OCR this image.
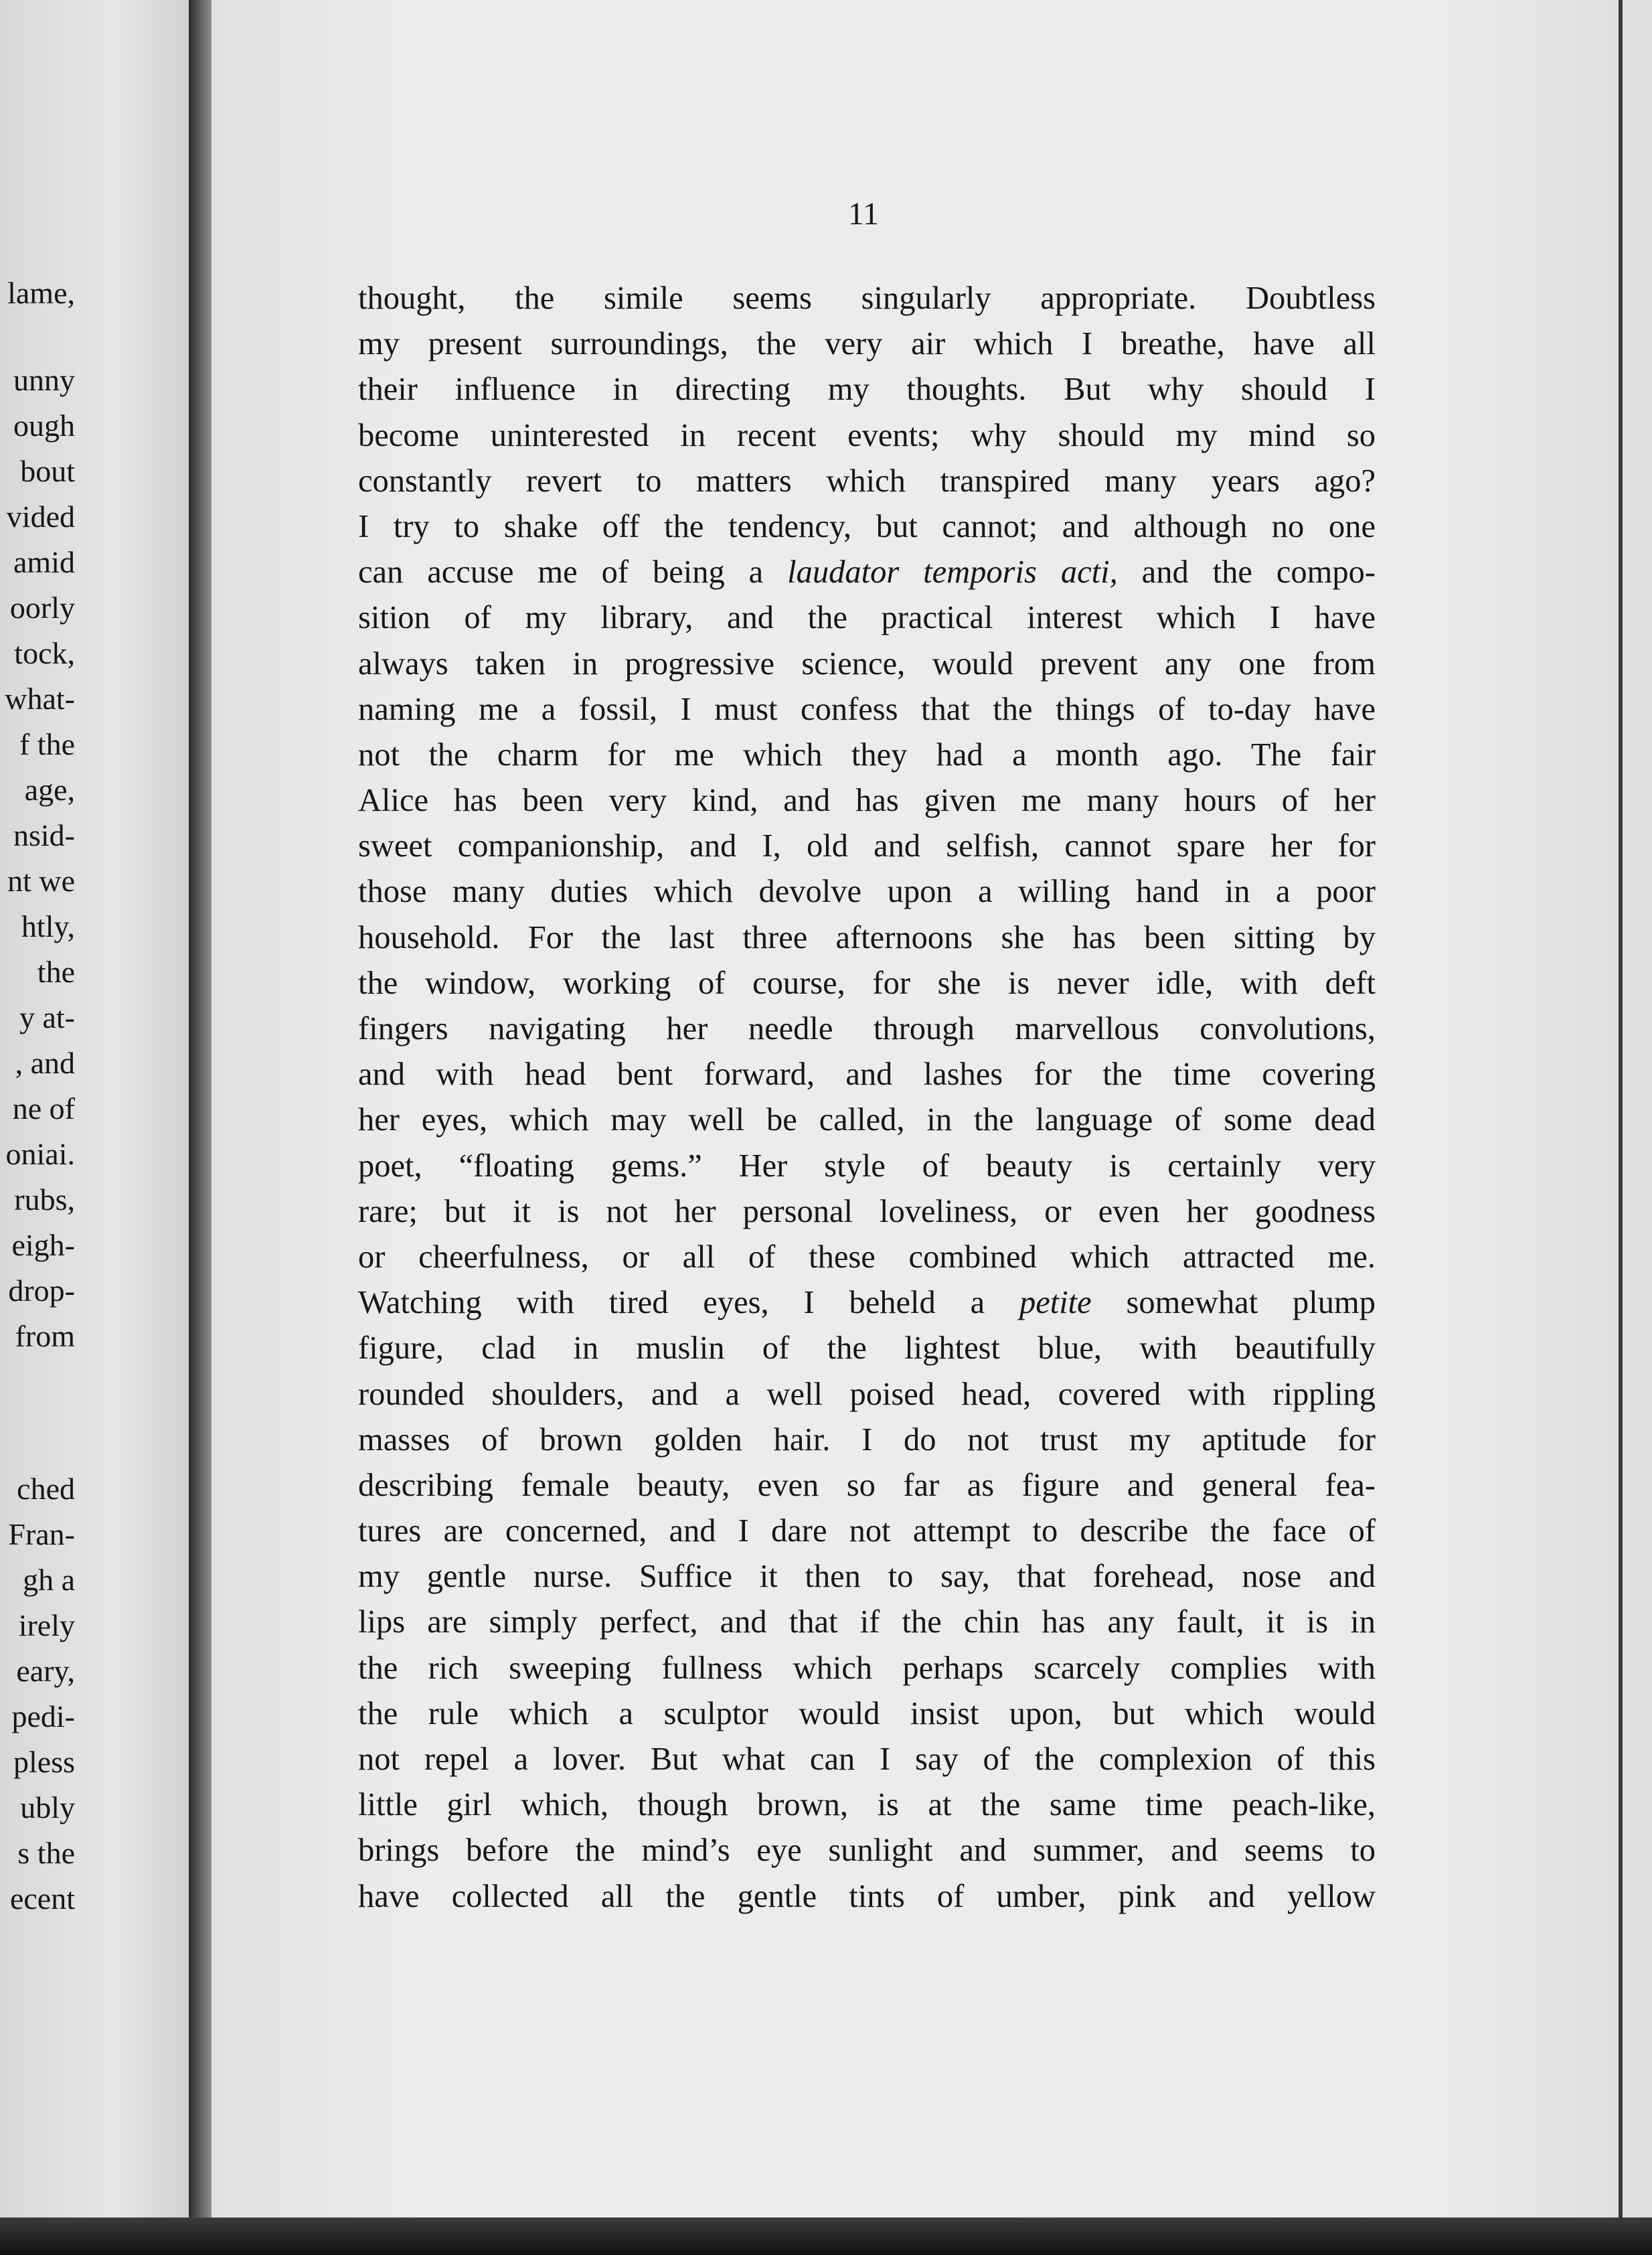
lame,
unny
ough
bout
vided
amid
oorly
tock,
what-
f the
age,
nsid-
nt we
htly,
the
y at-
, and
ne of
oniai.
rubs,
eigh-
drop-
from
ched
Fran-
gh a
irely
eary,
pedi-
pless
ubly
s the
ecent
11
thought, the simile seems singularly appropriate. Doubtless
my present surroundings, the very air which I breathe, have all
their influence in directing my thoughts. But why should I
become uninterested in recent events; why should my mind so
constantly revert to matters which transpired many years ago?
I try to shake off the tendency, but cannot; and although no one
can accuse me of being a laudator temporis acti, and the compo-
sition of my library, and the practical interest which I have
always taken in progressive science, would prevent any one from
naming me a fossil, I must confess that the things of to-day have
not the charm for me which they had a month ago. The fair
Alice has been very kind, and has given me many hours of her
sweet companionship, and I, old and selfish, cannot spare her for
those many duties which devolve upon a willing hand in a poor
household. For the last three afternoons she has been sitting by
the window, working of course, for she is never idle, with deft
fingers navigating her needle through marvellous convolutions,
and with head bent forward, and lashes for the time covering
her eyes, which may well be called, in the language of some dead
poet, “floating gems.” Her style of beauty is certainly very
rare; but it is not her personal loveliness, or even her goodness
or cheerfulness, or all of these combined which attracted me.
Watching with tired eyes, I beheld a petite somewhat plump
figure, clad in muslin of the lightest blue, with beautifully
rounded shoulders, and a well poised head, covered with rippling
masses of brown golden hair. I do not trust my aptitude for
describing female beauty, even so far as figure and general fea-
tures are concerned, and I dare not attempt to describe the face of
my gentle nurse. Suffice it then to say, that forehead, nose and
lips are simply perfect, and that if the chin has any fault, it is in
the rich sweeping fullness which perhaps scarcely complies with
the rule which a sculptor would insist upon, but which would
not repel a lover. But what can I say of the complexion of this
little girl which, though brown, is at the same time peach-like,
brings before the mind’s eye sunlight and summer, and seems to
have collected all the gentle tints of umber, pink and yellow
